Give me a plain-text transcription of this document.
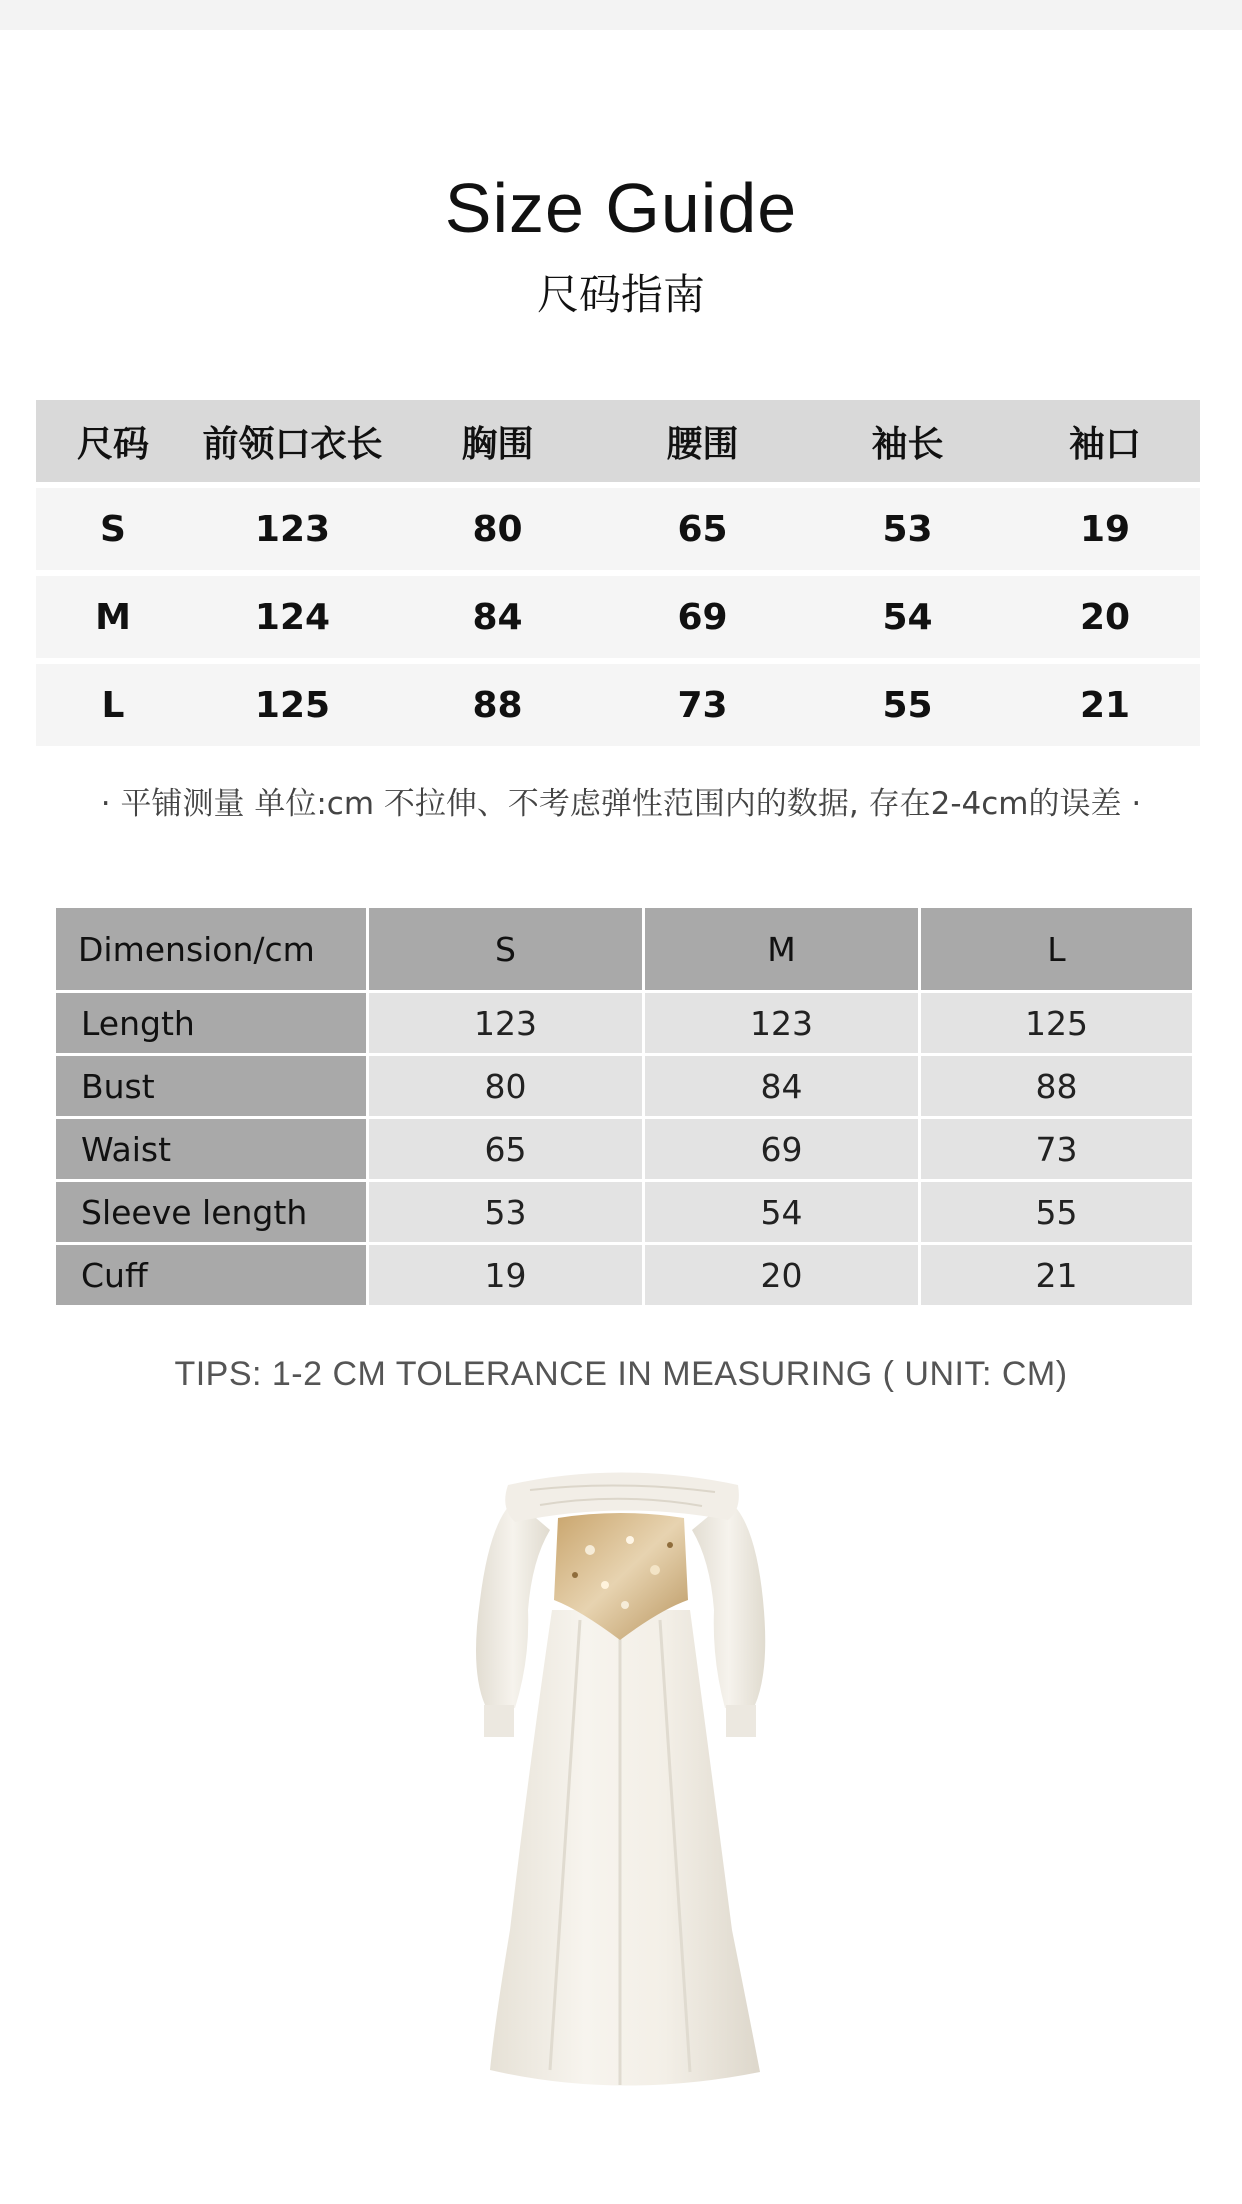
Size Guide
尺码指南
尺码	前领口衣长	胸围	腰围	袖长	袖口
S	123	80	65	53	19
M	124	84	69	54	20
L	125	88	73	55	21
· 平铺测量 单位:cm 不拉伸、不考虑弹性范围内的数据, 存在2-4cm的误差 ·
Dimension/cm	S	M	L
Length	123	123	125
Bust	80	84	88
Waist	65	69	73
Sleeve length	53	54	55
Cuff	19	20	21
TIPS: 1-2 CM TOLERANCE IN MEASURING ( UNIT: CM)
